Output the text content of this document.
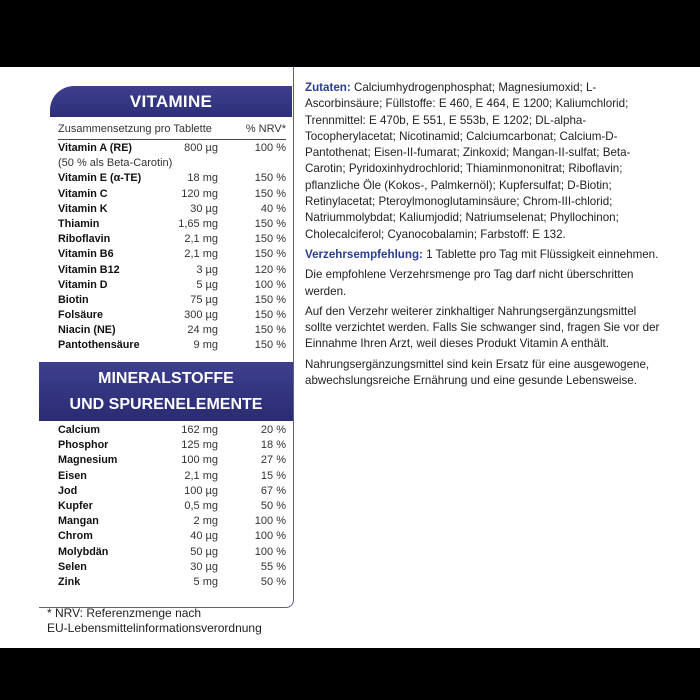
VITAMINE
Zusammensetzung pro Tablette	% NRV*
Vitamin A (RE)	800 µg	100 %
(50 % als Beta-Carotin)
Vitamin E (α-TE)	18 mg	150 %
Vitamin C	120 mg	150 %
Vitamin K	30 µg	40 %
Thiamin	1,65 mg	150 %
Riboflavin	2,1 mg	150 %
Vitamin B6	2,1 mg	150 %
Vitamin B12	3 µg	120 %
Vitamin D	5 µg	100 %
Biotin	75 µg	150 %
Folsäure	300 µg	150 %
Niacin (NE)	24 mg	150 %
Pantothensäure	9 mg	150 %
MINERALSTOFFE
UND SPURENELEMENTE
Calcium	162 mg	20 %
Phosphor	125 mg	18 %
Magnesium	100 mg	27 %
Eisen	2,1 mg	15 %
Jod	100 µg	67 %
Kupfer	0,5 mg	50 %
Mangan	2 mg	100 %
Chrom	40 µg	100 %
Molybdän	50 µg	100 %
Selen	30 µg	55 %
Zink	5 mg	50 %
* NRV: Referenzmenge nach
EU-Lebensmittelinformationsverordnung

Zutaten: Calciumhydrogenphosphat; Magnesiumoxid; L-Ascorbinsäure; Füllstoffe: E 460, E 464, E 1200; Kaliumchlorid; Trennmittel: E 470b, E 551, E 553b, E 1202; DL-alpha-Tocopherylacetat; Nicotinamid; Calciumcarbonat; Calcium-D-Pantothenat; Eisen-II-fumarat; Zinkoxid; Mangan-II-sulfat; Beta-Carotin; Pyridoxinhydrochlorid; Thiaminmononitrat; Riboflavin; pflanzliche Öle (Kokos-, Palmkernöl); Kupfersulfat; D-Biotin; Retinylacetat; Pteroylmonoglutaminsäure; Chrom-III-chlorid; Natriummolybdat; Kaliumjodid; Natriumselenat; Phyllochinon; Cholecalciferol; Cyanocobalamin; Farbstoff: E 132.

Verzehrsempfehlung: 1 Tablette pro Tag mit Flüssigkeit einnehmen.

Die empfohlene Verzehrsmenge pro Tag darf nicht überschritten werden.

Auf den Verzehr weiterer zinkhaltiger Nahrungsergänzungsmittel sollte verzichtet werden. Falls Sie schwanger sind, fragen Sie vor der Einnahme Ihren Arzt, weil dieses Produkt Vitamin A enthält.

Nahrungsergänzungsmittel sind kein Ersatz für eine ausgewogene, abwechslungsreiche Ernährung und eine gesunde Lebensweise.
